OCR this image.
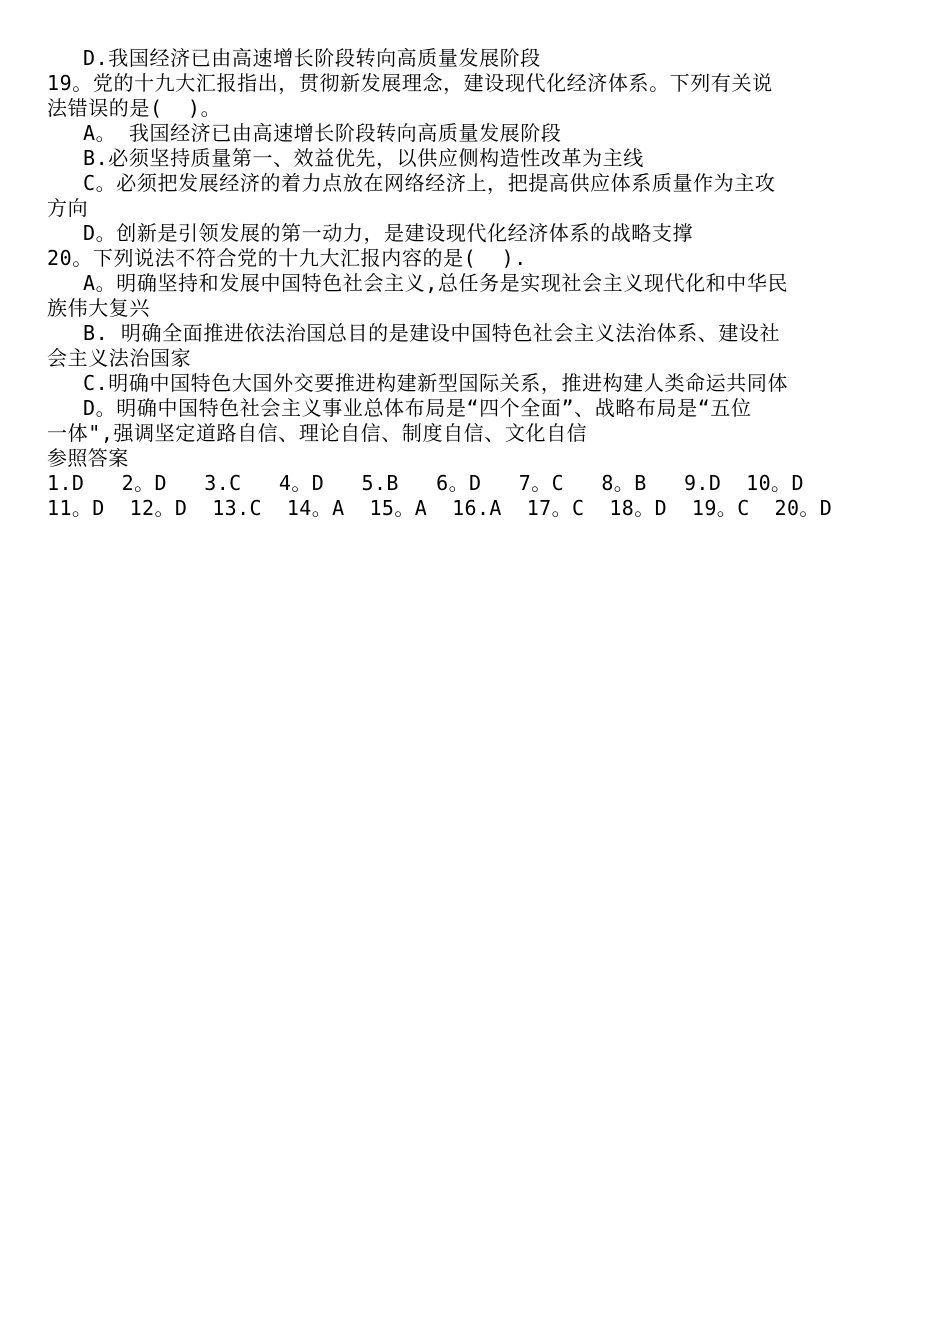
D.我国经济已由高速增长阶段转向高质量发展阶段
19。党的十九大汇报指出，贯彻新发展理念，建设现代化经济体系。下列有关说
法错误的是(  )。
A。 我国经济已由高速增长阶段转向高质量发展阶段
B.必须坚持质量第一、效益优先，以供应侧构造性改革为主线
C。必须把发展经济的着力点放在网络经济上，把提高供应体系质量作为主攻
方向
D。创新是引领发展的第一动力，是建设现代化经济体系的战略支撑
20。下列说法不符合党的十九大汇报内容的是(  ).
A。明确坚持和发展中国特色社会主义,总任务是实现社会主义现代化和中华民
族伟大复兴
B. 明确全面推进依法治国总目的是建设中国特色社会主义法治体系、建设社
会主义法治国家
C.明确中国特色大国外交要推进构建新型国际关系，推进构建人类命运共同体
D。明确中国特色社会主义事业总体布局是“四个全面”、战略布局是“五位
一体",强调坚定道路自信、理论自信、制度自信、文化自信
参照答案
1.D   2。D   3.C   4。D   5.B   6。D   7。C   8。B   9.D  10。D
11。D  12。D  13.C  14。A  15。A  16.A  17。C  18。D  19。C  20。D
